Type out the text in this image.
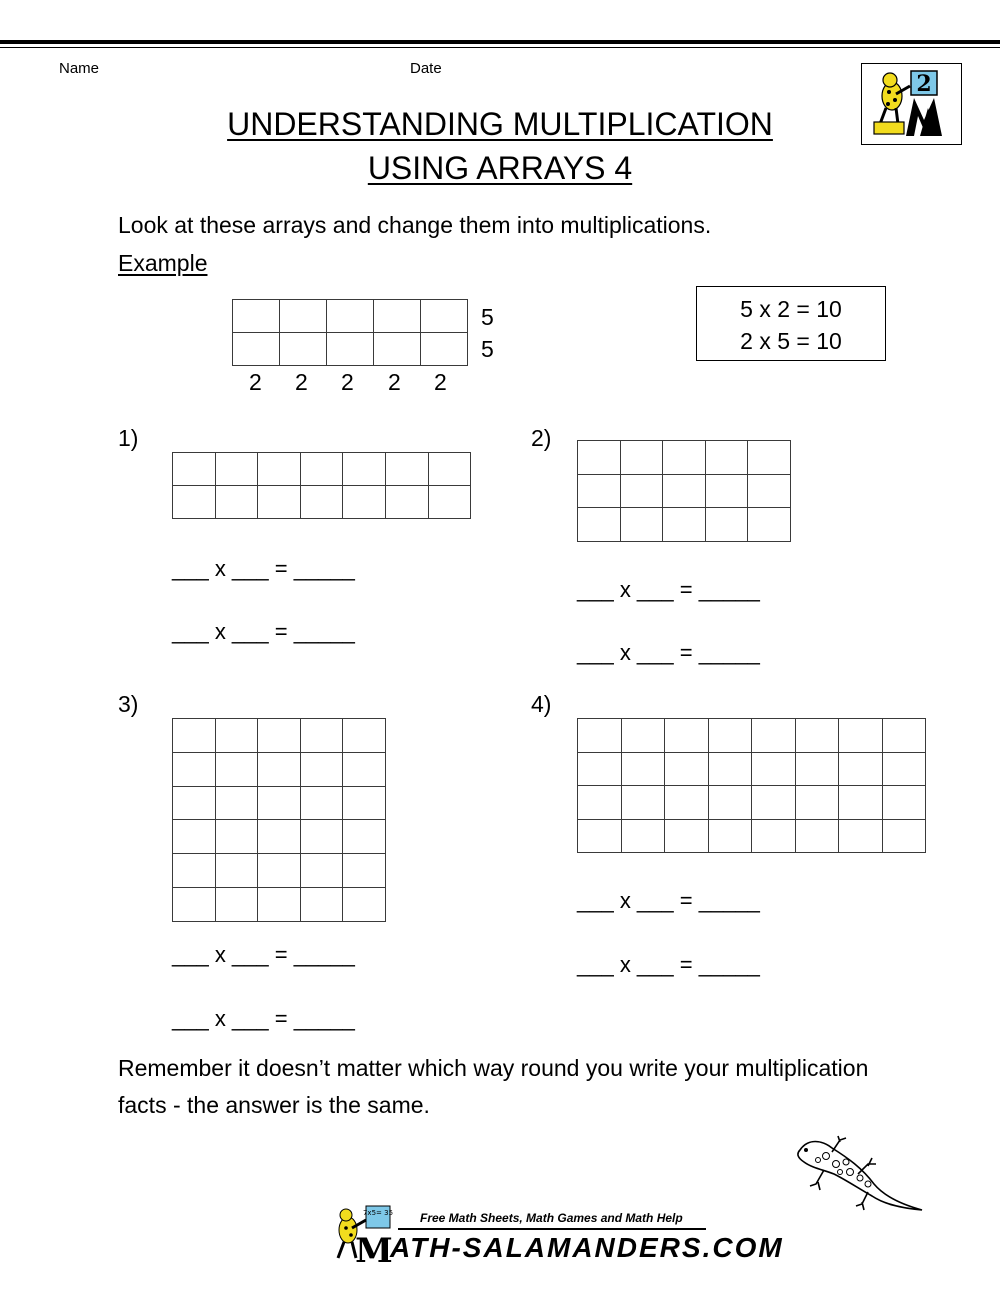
Name	Date
2
UNDERSTANDING MULTIPLICATION
USING ARRAYS 4
Look at these arrays and change them into multiplications.
Example

5
5
2 2 2 2 2
5 x 2 = 10
2 x 5 = 10
1)

___ x ___ = _____
___ x ___ = _____
2)

___ x ___ = _____
___ x ___ = _____
3)

___ x ___ = _____
___ x ___ = _____
4)

___ x ___ = _____
___ x ___ = _____
Remember it doesn’t matter which way round you write your multiplication
facts - the answer is the same.
7x5= 35
M
Free Math Sheets, Math Games and Math Help
ATH-SALAMANDERS.COM
